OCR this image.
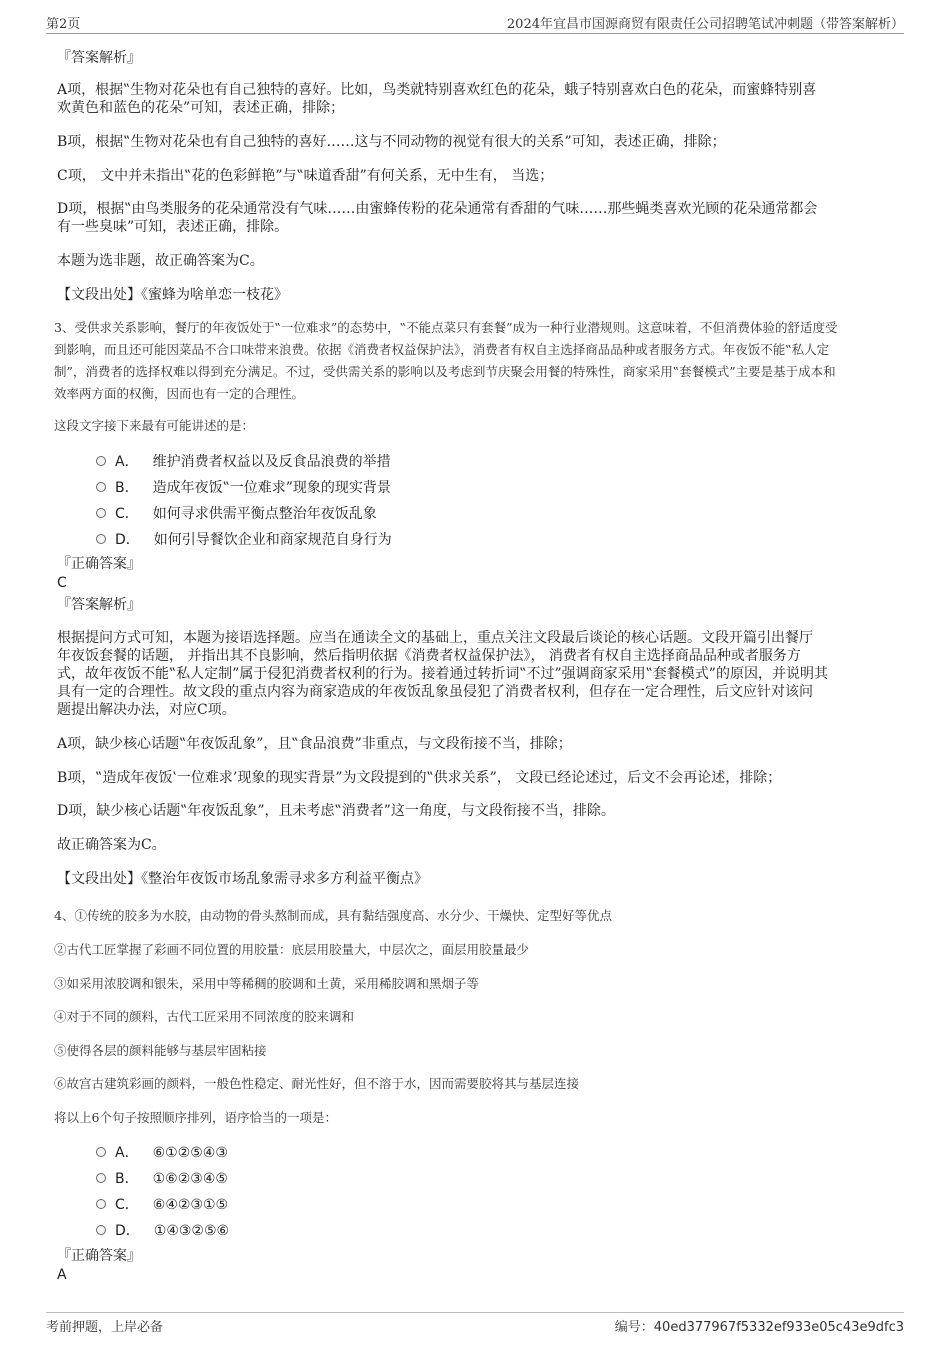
第2页	2024年宜昌市国源商贸有限责任公司招聘笔试冲刺题（带答案解析）
『答案解析』
A项，根据‟生物对花朵也有自己独特的喜好。比如，鸟类就特别喜欢红色的花朵，蛾子特别喜欢白色的花朵，而蜜蜂特别喜
欢黄色和蓝色的花朵”可知，表述正确，排除；
B项，根据‟生物对花朵也有自己独特的喜好……这与不同动物的视觉有很大的关系”可知，表述正确，排除；
C项， 文中并未指出‟花的色彩鲜艳”与‟味道香甜”有何关系，无中生有， 当选；
D项，根据‟由鸟类服务的花朵通常没有气味……由蜜蜂传粉的花朵通常有香甜的气味……那些蝇类喜欢光顾的花朵通常都会
有一些臭味”可知，表述正确，排除。
本题为选非题，故正确答案为C。
【文段出处】《蜜蜂为啥单恋一枝花》
3、受供求关系影响，餐厅的年夜饭处于‟一位难求”的态势中，‟不能点菜只有套餐”成为一种行业潜规则。这意味着，不但消费体验的舒适度受
到影响，而且还可能因菜品不合口味带来浪费。依据《消费者权益保护法》，消费者有权自主选择商品品种或者服务方式。年夜饭不能‟私人定
制”，消费者的选择权难以得到充分满足。不过，受供需关系的影响以及考虑到节庆聚会用餐的特殊性，商家采用‟套餐模式”主要是基于成本和
效率两方面的权衡，因而也有一定的合理性。
这段文字接下来最有可能讲述的是：
A． 维护消费者权益以及反食品浪费的举措
B． 造成年夜饭‟一位难求”现象的现实背景
C． 如何寻求供需平衡点整治年夜饭乱象
D． 如何引导餐饮企业和商家规范自身行为
『正确答案』
C
『答案解析』
根据提问方式可知，本题为接语选择题。应当在通读全文的基础上，重点关注文段最后谈论的核心话题。文段开篇引出餐厅
年夜饭套餐的话题， 并指出其不良影响，然后指明依据《消费者权益保护法》， 消费者有权自主选择商品品种或者服务方
式，故年夜饭不能‟私人定制”属于侵犯消费者权利的行为。接着通过转折词‟不过”强调商家采用‟套餐模式”的原因，并说明其
具有一定的合理性。故文段的重点内容为商家造成的年夜饭乱象虽侵犯了消费者权利，但存在一定合理性，后文应针对该问
题提出解决办法，对应C项。
A项，缺少核心话题‟年夜饭乱象”，且‟食品浪费”非重点，与文段衔接不当，排除；
B项，‟造成年夜饭‛一位难求’现象的现实背景”为文段提到的‟供求关系”， 文段已经论述过，后文不会再论述，排除；
D项，缺少核心话题‟年夜饭乱象”，且未考虑‟消费者”这一角度，与文段衔接不当，排除。
故正确答案为C。
【文段出处】《整治年夜饭市场乱象需寻求多方利益平衡点》
4、①传统的胶多为水胶，由动物的骨头熬制而成，具有黏结强度高、水分少、干燥快、定型好等优点
②古代工匠掌握了彩画不同位置的用胶量：底层用胶量大，中层次之，面层用胶量最少
③如采用浓胶调和银朱，采用中等稀稠的胶调和土黄，采用稀胶调和黑烟子等
④对于不同的颜料，古代工匠采用不同浓度的胶来调和
⑤使得各层的颜料能够与基层牢固粘接
⑥故宫古建筑彩画的颜料，一般色性稳定、耐光性好，但不溶于水，因而需要胶将其与基层连接
将以上6个句子按照顺序排列，语序恰当的一项是：
A． ⑥①②⑤④③
B． ①⑥②③④⑤
C． ⑥④②③①⑤
D． ①④③②⑤⑥
『正确答案』
A
考前押题，上岸必备	编号：40ed377967f5332ef933e05c43e9dfc3
